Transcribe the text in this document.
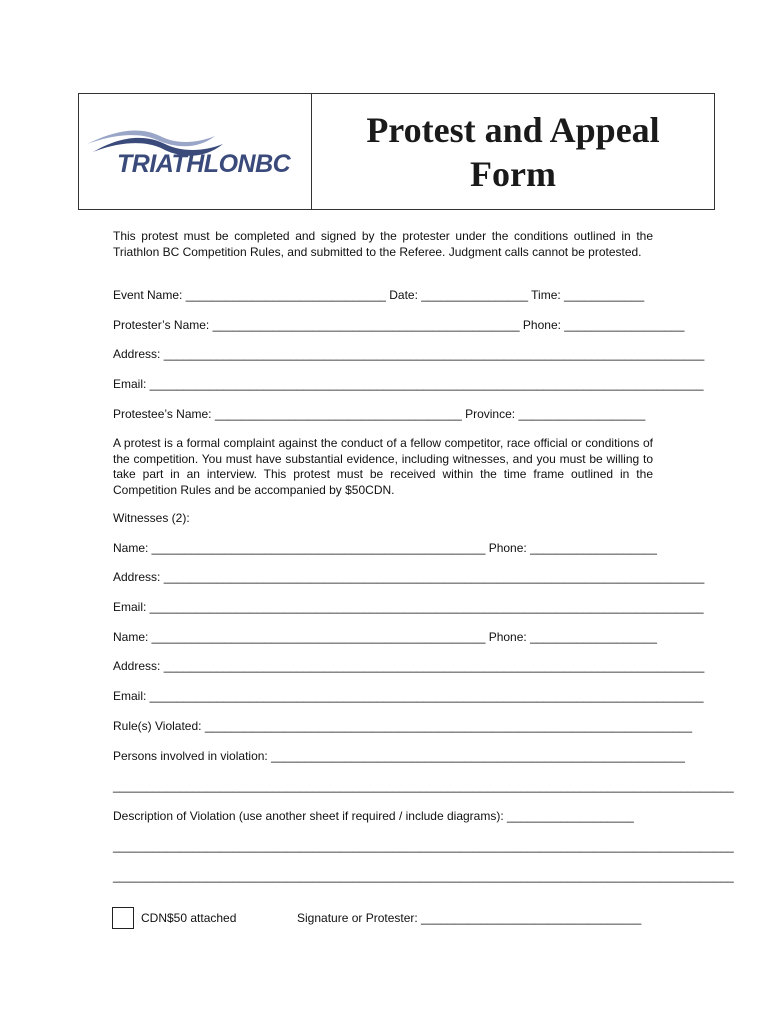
TRIATHLONBC
Protest and Appeal
Form
This protest must be completed and signed by the protester under the conditions outlined in the Triathlon BC Competition Rules, and submitted to the Referee. Judgment calls cannot be protested.
Event Name: ______________________________ Date: ________________ Time: ____________
Protester’s Name: ______________________________________________ Phone: __________________
Address: _________________________________________________________________________________
Email: ___________________________________________________________________________________
Protestee’s Name: _____________________________________ Province: ___________________
A protest is a formal complaint against the conduct of a fellow competitor, race official or conditions of the competition. You must have substantial evidence, including witnesses, and you must be willing to take part in an interview. This protest must be received within the time frame outlined in the Competition Rules and be accompanied by $50CDN.
Witnesses (2):
Name: __________________________________________________ Phone: ___________________
Address: _________________________________________________________________________________
Email: ___________________________________________________________________________________
Name: __________________________________________________ Phone: ___________________
Address: _________________________________________________________________________________
Email: ___________________________________________________________________________________
Rule(s) Violated: _________________________________________________________________________
Persons involved in violation: ______________________________________________________________
_____________________________________________________________________________________________
Description of Violation (use another sheet if required / include diagrams): ___________________
_____________________________________________________________________________________________
_____________________________________________________________________________________________
CDN$50 attached	Signature or Protester: _________________________________
